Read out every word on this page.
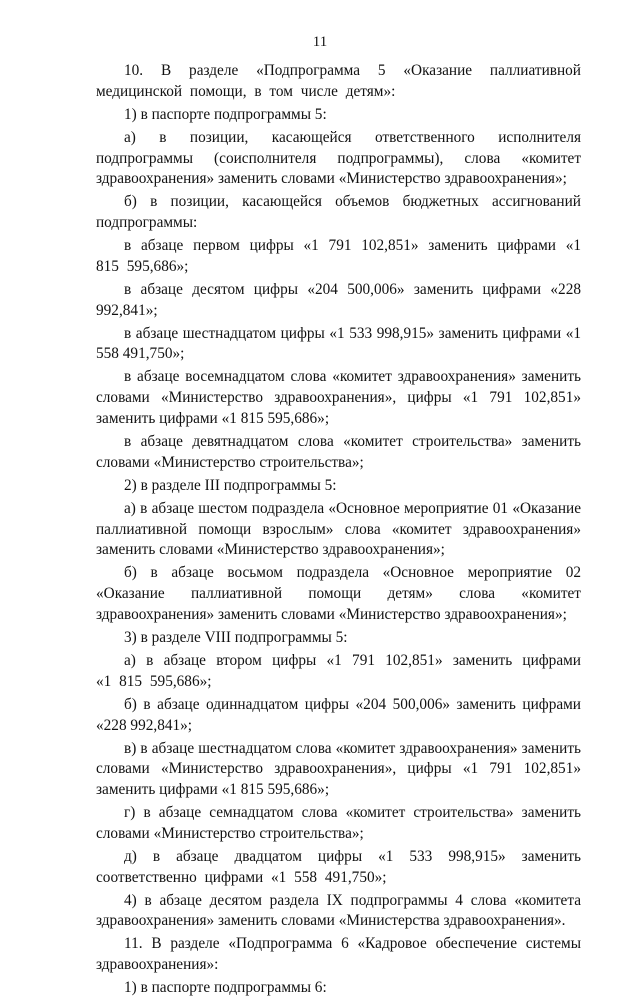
11

10. В разделе «Подпрограмма 5 «Оказание паллиативной медицинской помощи, в том числе детям»:

1) в паспорте подпрограммы 5:

а) в позиции, касающейся ответственного исполнителя подпрограммы (соисполнителя подпрограммы), слова «комитет здравоохранения» заменить словами «Министерство здравоохранения»;

б) в позиции, касающейся объемов бюджетных ассигнований подпрограммы:

в абзаце первом цифры «1 791 102,851» заменить цифрами «1 815 595,686»;

в абзаце десятом цифры «204 500,006» заменить цифрами «228 992,841»;

в абзаце шестнадцатом цифры «1 533 998,915» заменить цифрами «1 558 491,750»;

в абзаце восемнадцатом слова «комитет здравоохранения» заменить словами «Министерство здравоохранения», цифры «1 791 102,851» заменить цифрами «1 815 595,686»;

в абзаце девятнадцатом слова «комитет строительства» заменить словами «Министерство строительства»;

2) в разделе III подпрограммы 5:

а) в абзаце шестом подраздела «Основное мероприятие 01 «Оказание паллиативной помощи взрослым» слова «комитет здравоохранения» заменить словами «Министерство здравоохранения»;

б) в абзаце восьмом подраздела «Основное мероприятие 02 «Оказание паллиативной помощи детям» слова «комитет здравоохранения» заменить словами «Министерство здравоохранения»;

3) в разделе VIII подпрограммы 5:

а) в абзаце втором цифры «1 791 102,851» заменить цифрами «1 815 595,686»;

б) в абзаце одиннадцатом цифры «204 500,006» заменить цифрами «228 992,841»;

в) в абзаце шестнадцатом слова «комитет здравоохранения» заменить словами «Министерство здравоохранения», цифры «1 791 102,851» заменить цифрами «1 815 595,686»;

г) в абзаце семнадцатом слова «комитет строительства» заменить словами «Министерство строительства»;

д) в абзаце двадцатом цифры «1 533 998,915» заменить соответственно цифрами «1 558 491,750»;

4) в абзаце десятом раздела IX подпрограммы 4 слова «комитета здравоохранения» заменить словами «Министерства здравоохранения».

11. В разделе «Подпрограмма 6 «Кадровое обеспечение системы здравоохранения»:

1) в паспорте подпрограммы 6:
